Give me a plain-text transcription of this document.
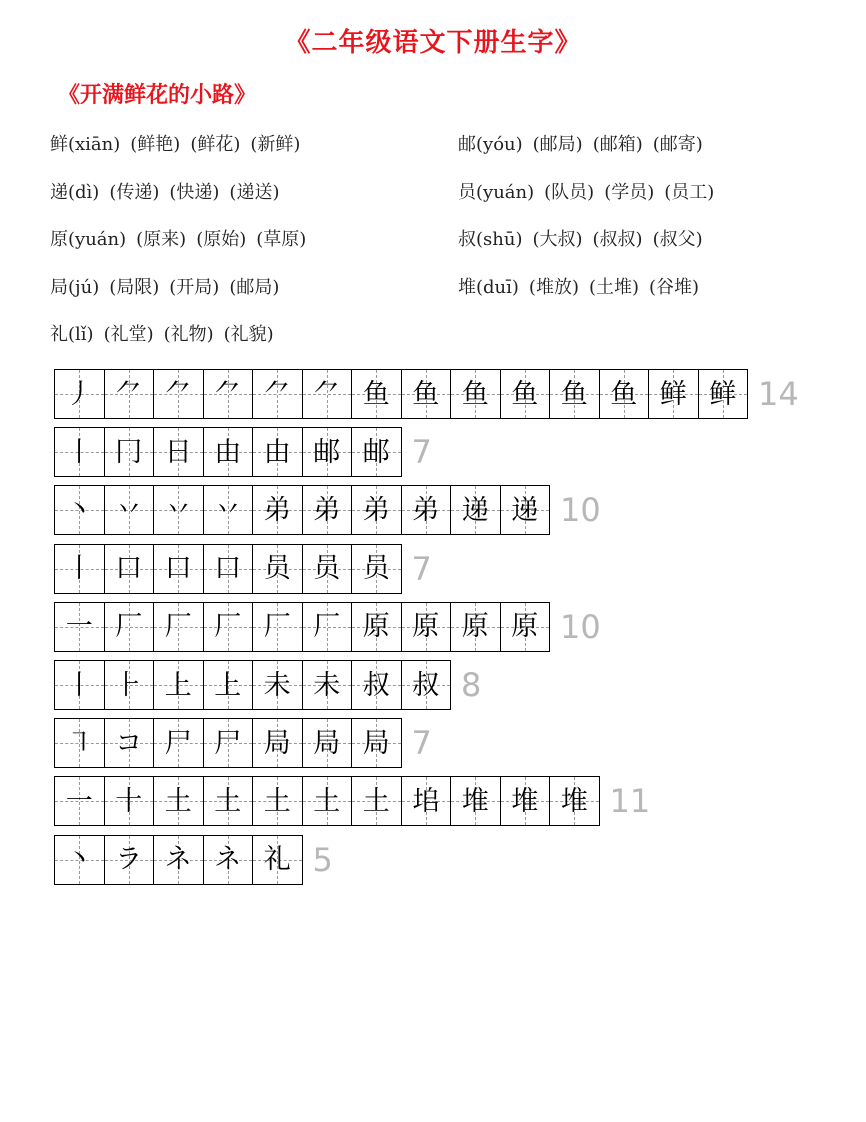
《二年级语文下册生字》
《开满鲜花的小路》
鲜(xiān) (鲜艳) (鲜花) (新鲜)
递(dì) (传递) (快递) (递送)
原(yuán) (原来) (原始) (草原)
局(jú) (局限) (开局) (邮局)
礼(lǐ) (礼堂) (礼物) (礼貌)
邮(yóu) (邮局) (邮箱) (邮寄)
员(yuán) (队员) (学员) (员工)
叔(shū) (大叔) (叔叔) (叔父)
堆(duī) (堆放) (土堆) (谷堆)
丿 ⺈ ⺈ ⺈ ⺈ ⺈ 鱼 鱼 鱼 鱼 鱼 鱼 鲜 鲜 14
丨 冂 日 由 由 邮 邮 7
丶 丷 丷 丷 弟 弟 弟 弟 递 递 10
丨 口 口 口 员 员 员 7
一 厂 厂 厂 厂 厂 原 原 原 原 10
丨 ⺊ 上 上 未 未 叔 叔 8
㇕ コ 尸 尸 局 局 局 7
一 十 土 土 土 土 土 垖 堆 堆 堆 11
丶 ラ ネ ネ 礼 5
